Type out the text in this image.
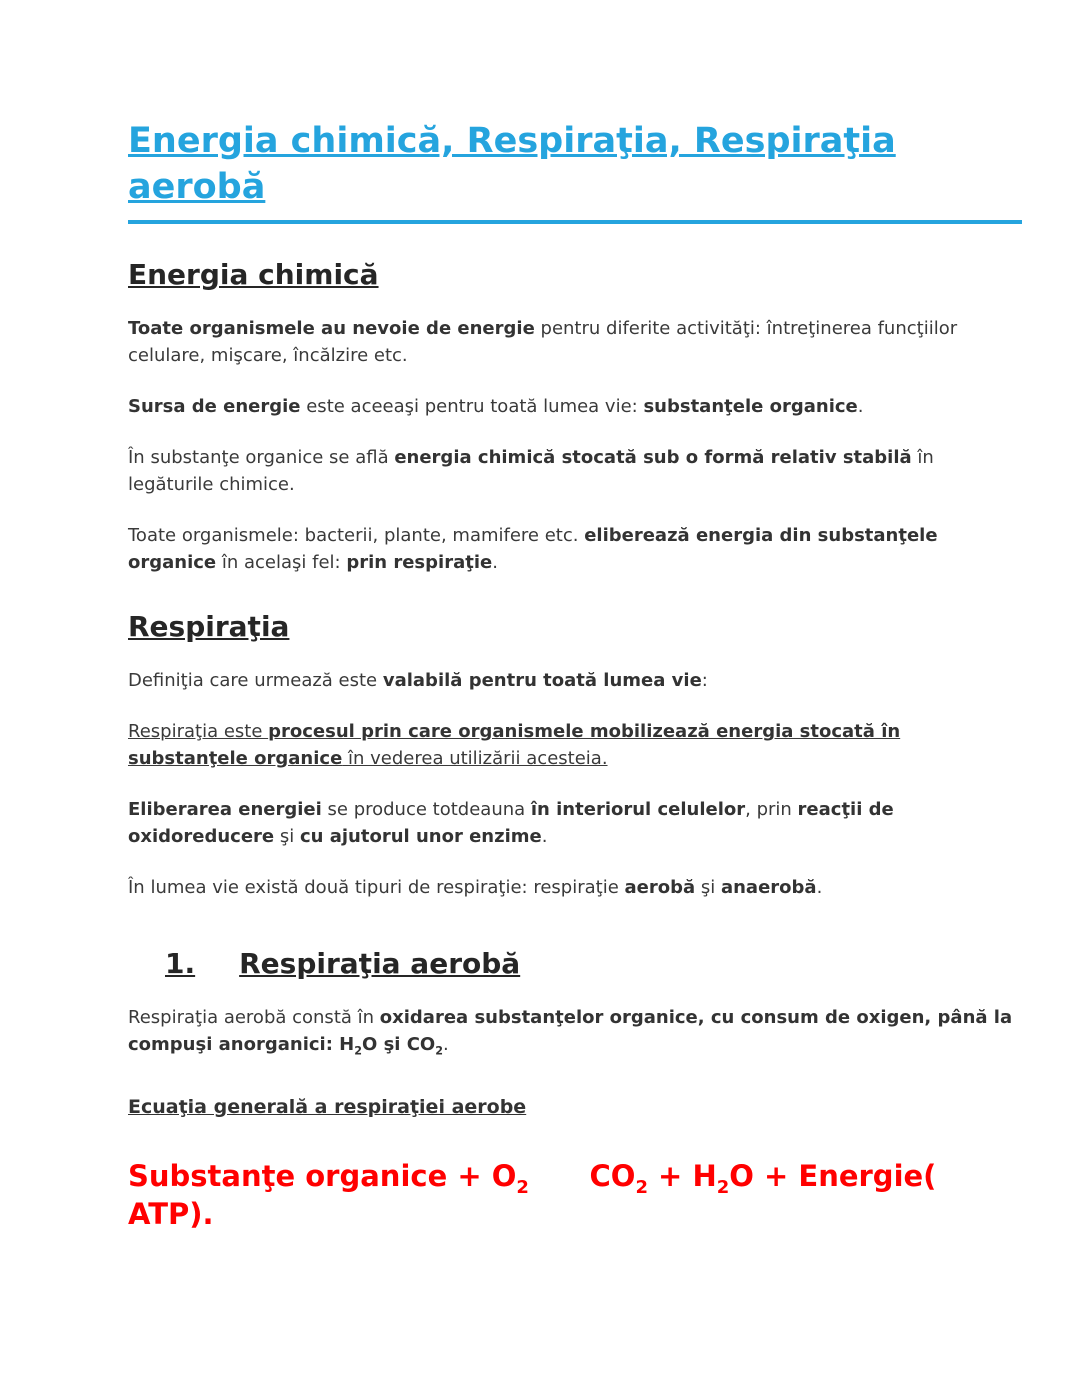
Energia chimică, Respiraţia, Respiraţia aerobă
Energia chimică

Toate organismele au nevoie de energie pentru diferite activităţi: întreţinerea funcţiilor celulare, mişcare, încălzire etc.

Sursa de energie este aceeaşi pentru toată lumea vie: substanţele organice.

În substanţe organice se află energia chimică stocată sub o formă relativ stabilă în legăturile chimice.

Toate organismele: bacterii, plante, mamifere etc. eliberează energia din substanţele organice în acelaşi fel: prin respiraţie.

Respiraţia

Definiţia care urmează este valabilă pentru toată lumea vie:

Respiraţia este procesul prin care organismele mobilizează energia stocată în substanţele organice în vederea utilizării acesteia.

Eliberarea energiei se produce totdeauna în interiorul celulelor, prin reacţii de oxidoreducere şi cu ajutorul unor enzime.

În lumea vie există două tipuri de respiraţie: respiraţie aerobă şi anaerobă.

1. Respiraţia aerobă

Respiraţia aerobă constă în oxidarea substanţelor organice, cu consum de oxigen, până la compuşi anorganici: $H_2O$ şi $CO_2$.

Ecuaţia generală a respiraţiei aerobe

Substanţe organice + $O_2$      $CO_2 + H_2O$ + Energie( ATP).
